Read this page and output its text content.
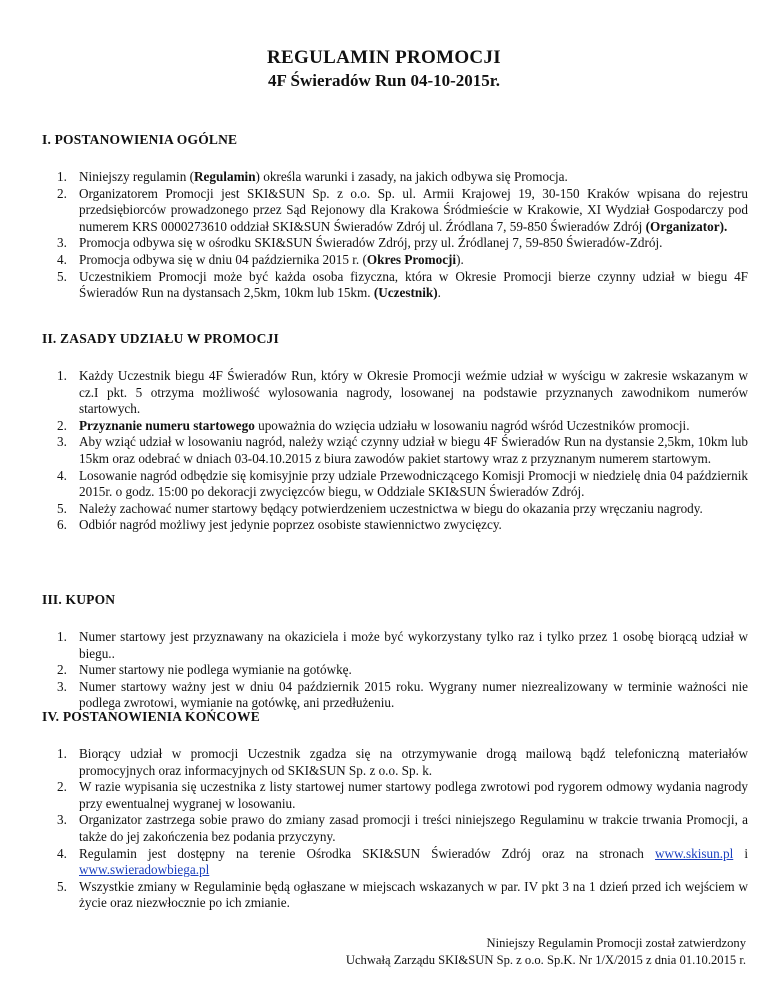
REGULAMIN PROMOCJI
4F Świeradów Run 04-10-2015r.
I. POSTANOWIENIA OGÓLNE
1. Niniejszy regulamin (Regulamin) określa warunki i zasady, na jakich odbywa się Promocja.
2. Organizatorem Promocji jest SKI&SUN Sp. z o.o. Sp. ul. Armii Krajowej 19, 30-150 Kraków wpisana do rejestru przedsiębiorców prowadzonego przez Sąd Rejonowy dla Krakowa Śródmieście w Krakowie, XI Wydział Gospodarczy pod numerem KRS 0000273610 oddział SKI&SUN Świeradów Zdrój ul. Źródlana 7, 59-850 Świeradów Zdrój (Organizator).
3. Promocja odbywa się w ośrodku SKI&SUN Świeradów Zdrój, przy ul. Źródlanej 7, 59-850 Świeradów-Zdrój.
4. Promocja odbywa się w dniu 04 października 2015 r. (Okres Promocji).
5. Uczestnikiem Promocji może być każda osoba fizyczna, która w Okresie Promocji bierze czynny udział w biegu 4F Świeradów Run na dystansach 2,5km, 10km lub 15km. (Uczestnik).
II. ZASADY UDZIAŁU W PROMOCJI
1. Każdy Uczestnik biegu 4F Świeradów Run, który w Okresie Promocji weźmie udział w wyścigu w zakresie wskazanym w cz.I pkt. 5 otrzyma możliwość wylosowania nagrody, losowanej na podstawie przyznanych zawodnikom numerów startowych.
2. Przyznanie numeru startowego upoważnia do wzięcia udziału w losowaniu nagród wśród Uczestników promocji.
3. Aby wziąć udział w losowaniu nagród, należy wziąć czynny udział w biegu 4F Świeradów Run na dystansie 2,5km, 10km lub 15km oraz odebrać w dniach 03-04.10.2015 z biura zawodów pakiet startowy wraz z przyznanym numerem startowym.
4. Losowanie nagród odbędzie się komisyjnie przy udziale Przewodniczącego Komisji Promocji w niedzielę dnia 04 październik 2015r. o godz. 15:00 po dekoracji zwycięzców biegu, w Oddziale SKI&SUN Świeradów Zdrój.
5. Należy zachować numer startowy będący potwierdzeniem uczestnictwa w biegu do okazania przy wręczaniu nagrody.
6. Odbiór nagród możliwy jest jedynie poprzez osobiste stawiennictwo zwycięzcy.
III. KUPON
1. Numer startowy jest przyznawany na okaziciela i może być wykorzystany tylko raz i tylko przez 1 osobę biorącą udział w biegu..
2. Numer startowy nie podlega wymianie na gotówkę.
3. Numer startowy ważny jest w dniu 04 październik 2015 roku. Wygrany numer niezrealizowany w terminie ważności nie podlega zwrotowi, wymianie na gotówkę, ani przedłużeniu.
IV. POSTANOWIENIA KOŃCOWE
1. Biorący udział w promocji Uczestnik zgadza się na otrzymywanie drogą mailową bądź telefoniczną materiałów promocyjnych oraz informacyjnych od SKI&SUN Sp. z o.o. Sp. k.
2. W razie wypisania się uczestnika z listy startowej numer startowy podlega zwrotowi pod rygorem odmowy wydania nagrody przy ewentualnej wygranej w losowaniu.
3. Organizator zastrzega sobie prawo do zmiany zasad promocji i treści niniejszego Regulaminu w trakcie trwania Promocji, a także do jej zakończenia bez podania przyczyny.
4. Regulamin jest dostępny na terenie Ośrodka SKI&SUN Świeradów Zdrój oraz na stronach www.skisun.pl i www.swieradowbiega.pl
5. Wszystkie zmiany w Regulaminie będą ogłaszane w miejscach wskazanych w par. IV pkt 3 na 1 dzień przed ich wejściem w życie oraz niezwłocznie po ich zmianie.
Niniejszy Regulamin Promocji został zatwierdzony
Uchwałą Zarządu SKI&SUN Sp. z o.o. Sp.K. Nr 1/X/2015 z dnia 01.10.2015 r.
